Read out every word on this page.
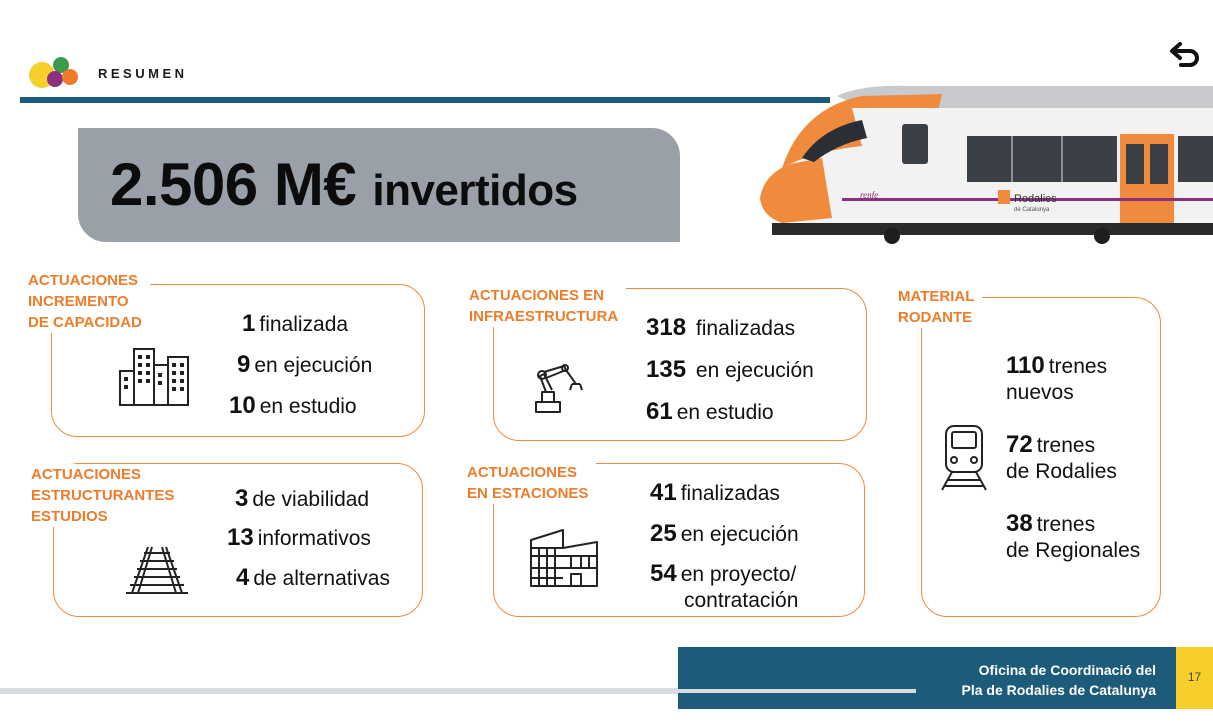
RESUMEN
2.506 M€ invertidos	Rodalies
de Catalunya
renfe
ACTUACIONES
INCREMENTO
DE CAPACIDAD	1 finalizada
9 en ejecución
10 en estudio
ACTUACIONES EN
INFRAESTRUCTURA	318 finalizadas
135 en ejecución
61 en estudio
MATERIAL
RODANTE
110 trenes
nuevos
72 trenes
de Rodalies
38 trenes
de Regionales
ACTUACIONES
ESTRUCTURANTES
ESTUDIOS
3 de viabilidad
13 informativos
4 de alternativas
ACTUACIONES
EN ESTACIONES	41 finalizadas
25 en ejecución
54 en proyecto/
contratación
Oficina de Coordinació del
Pla de Rodalies de Catalunya
17
